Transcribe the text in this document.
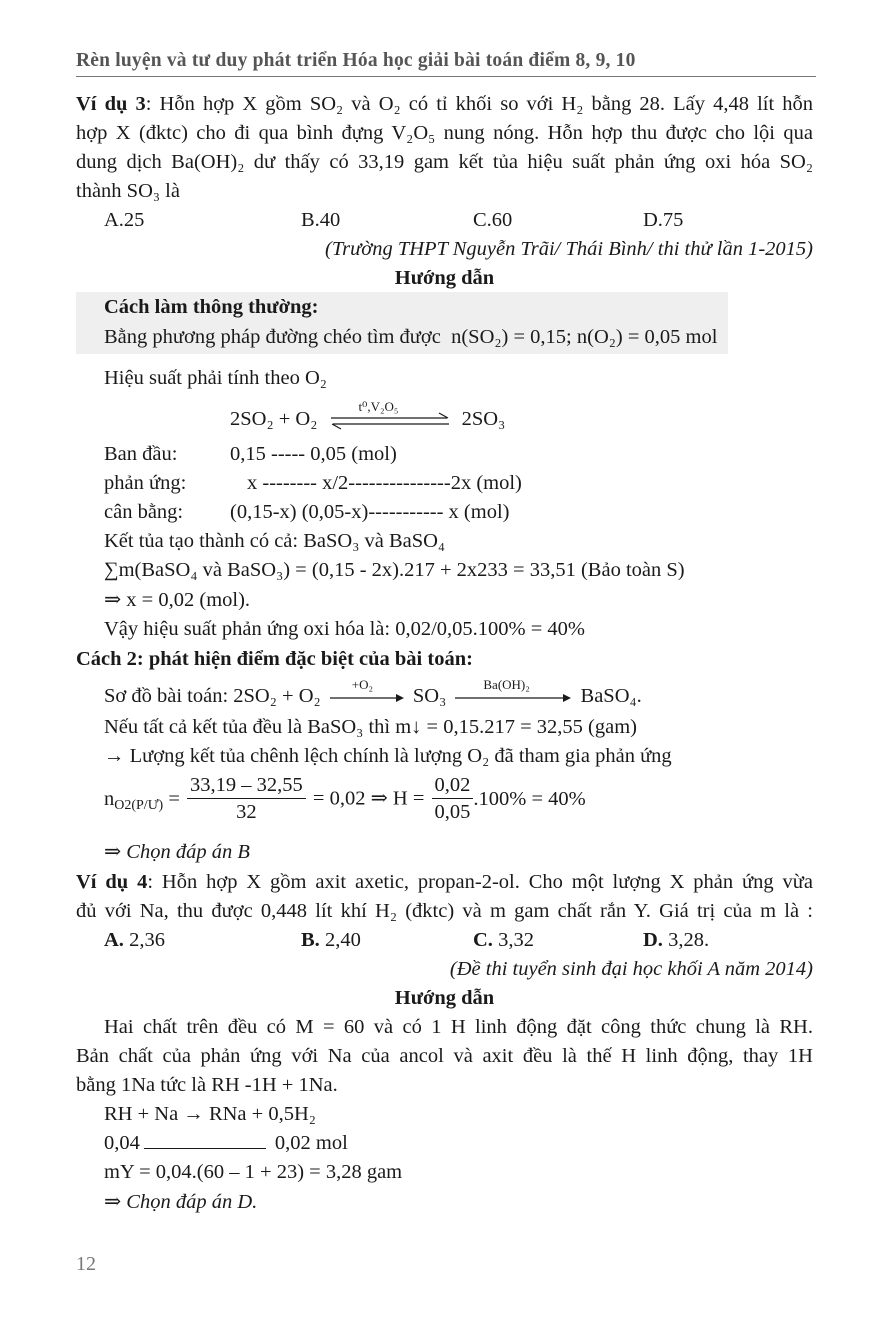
Rèn luyện và tư duy phát triển Hóa học giải bài toán điểm 8, 9, 10
Ví dụ 3: Hỗn hợp X gồm SO₂ và O₂ có tỉ khối so với H₂ bằng 28. Lấy 4,48 lít hỗn
hợp X (đktc) cho đi qua bình đựng V₂O₅ nung nóng. Hỗn hợp thu được cho lội qua
dung dịch Ba(OH)₂ dư thấy có 33,19 gam kết tủa hiệu suất phản ứng oxi hóa SO₂
thành SO₃ là
A.25	B.40	C.60	D.75
(Trường THPT Nguyễn Trãi/ Thái Bình/ thi thử lần 1-2015)
Hướng dẫn
Cách làm thông thường:
Bằng phương pháp đường chéo tìm được n(SO₂) = 0,15; n(O₂) = 0,05 mol
Hiệu suất phải tính theo O₂
2SO₂ + O₂
t⁰,V₂O₅
2SO₃
Ban đầu:	0,15 ----- 0,05 (mol)
phản ứng:	x -------- x/2---------------2x (mol)
cân bằng: (0,15-x) (0,05-x)----------- x (mol)
Kết tủa tạo thành có cả: BaSO₃ và BaSO₄
∑m(BaSO₄ và BaSO₃) = (0,15 - 2x).217 + 2x233 = 33,51 (Bảo toàn S)
⇒ x = 0,02 (mol).
Vậy hiệu suất phản ứng oxi hóa là: 0,02/0,05.100% = 40%
Cách 2: phát hiện điểm đặc biệt của bài toán:
Sơ đồ bài toán: 2SO₂ + O₂
+O₂
SO₃
Ba(OH)₂
BaSO₄.
Nếu tất cả kết tủa đều là BaSO₃ thì m↓ = 0,15.217 = 32,55 (gam)
→ Lượng kết tủa chênh lệch chính là lượng O₂ đã tham gia phản ứng
$n_{O2(P/Ư)} = \frac{33,19 - 32,55}{32} = 0,02$ ⇒ $H = \frac{0,02}{0,05} .100\% = 40\%$
⇒ Chọn đáp án B
Ví dụ 4: Hỗn hợp X gồm axit axetic, propan-2-ol. Cho một lượng X phản ứng vừa
đủ với Na, thu được 0,448 lít khí H₂ (đktc) và m gam chất rắn Y. Giá trị của m là :
A. 2,36	B. 2,40	C. 3,32	D. 3,28.
(Đề thi tuyển sinh đại học khối A năm 2014)
Hướng dẫn
Hai chất trên đều có M = 60 và có 1 H linh động đặt công thức chung là RH.
Bản chất của phản ứng với Na của ancol và axit đều là thế H linh động, thay 1H
bằng 1Na tức là RH -1H + 1Na.
RH + Na → RNa + 0,5H₂
0,04	0,02 mol
mY = 0,04.(60 – 1 + 23) = 3,28 gam
⇒ Chọn đáp án D.
12
